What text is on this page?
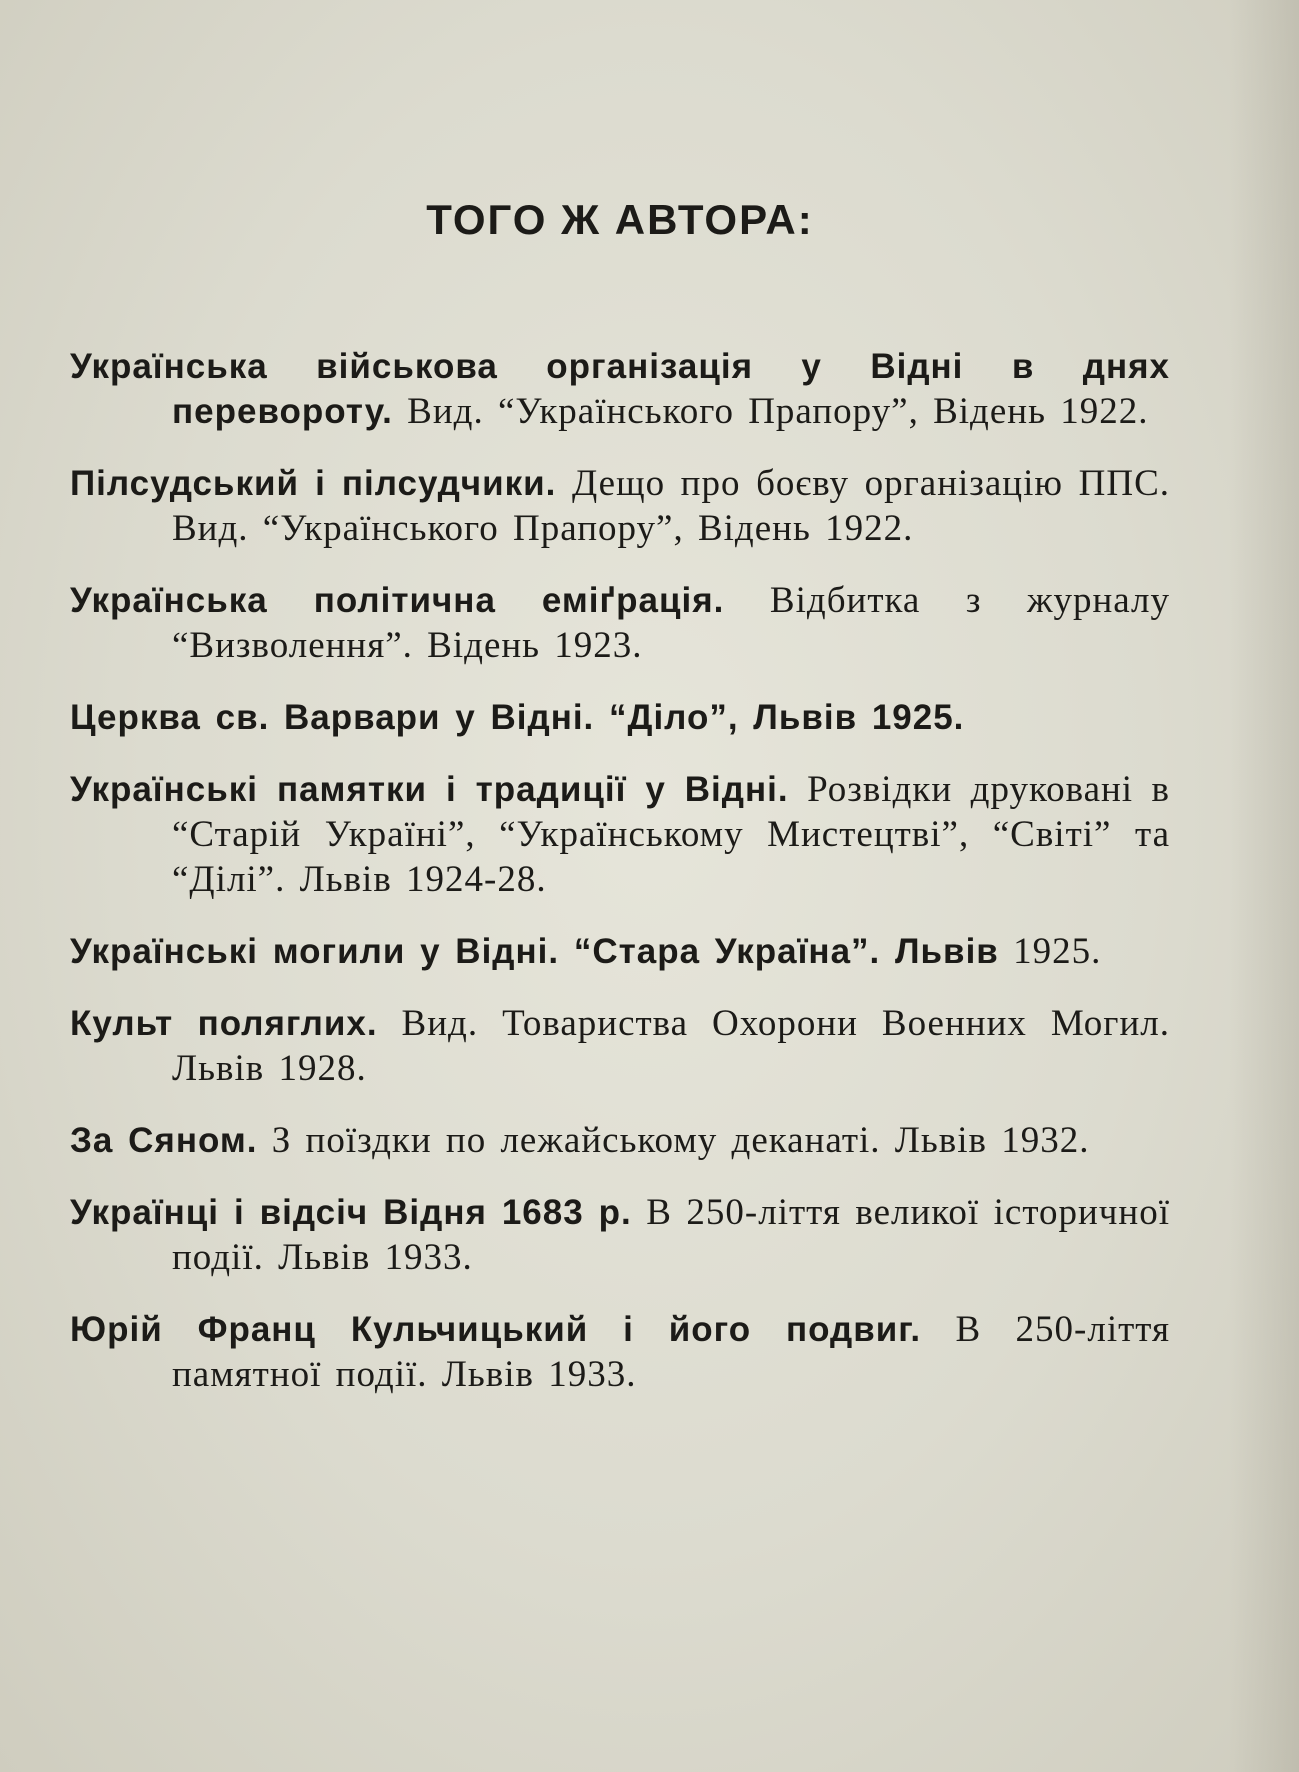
ТОГО Ж АВТОРА:
Українська військова організація у Відні в днях перевороту. Вид. “Українського Прапору”, Відень 1922.
Пілсудський і пілсудчики. Дещо про боєву організацію ППС. Вид. “Українського Прапору”, Відень 1922.
Українська політична еміґрація. Відбитка з журналу “Визволення”. Відень 1923.
Церква св. Варвари у Відні. “Діло”, Львів 1925.
Українські памятки і традиції у Відні. Розвідки друковані в “Старій Україні”, “Українському Мистецтві”, “Світі” та “Ділі”. Львів 1924-28.
Українські могили у Відні. “Стара Україна”. Львів 1925.
Культ поляглих. Вид. Товариства Охорони Военних Могил. Львів 1928.
За Сяном. З поїздки по лежайському деканаті. Львів 1932.
Українці і відсіч Відня 1683 р. В 250-ліття великої історичної події. Львів 1933.
Юрій Франц Кульчицький і його подвиг. В 250-ліття памятної події. Львів 1933.
